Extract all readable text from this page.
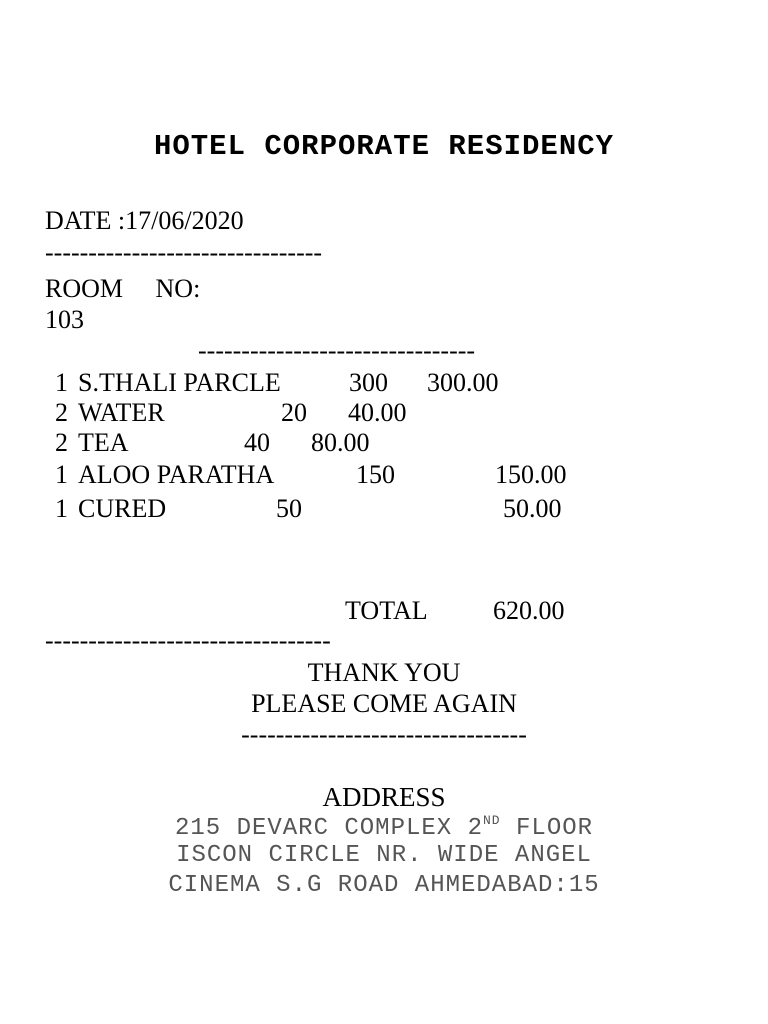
HOTEL CORPORATE RESIDENCY
DATE :17/06/2020
--------------------------------
ROOM     NO:
103
--------------------------------
1 S.THALI PARCLE	300 300.00
2 WATER	20 40.00
2 TEA	40 80.00
1 ALOO PARATHA	150	150.00
1 CURED	50	50.00
TOTAL	620.00
---------------------------------
THANK YOU
PLEASE COME AGAIN
---------------------------------
ADDRESS
215 DEVARC COMPLEX 2ND FLOOR
ISCON CIRCLE NR. WIDE ANGEL
CINEMA S.G ROAD AHMEDABAD:15
